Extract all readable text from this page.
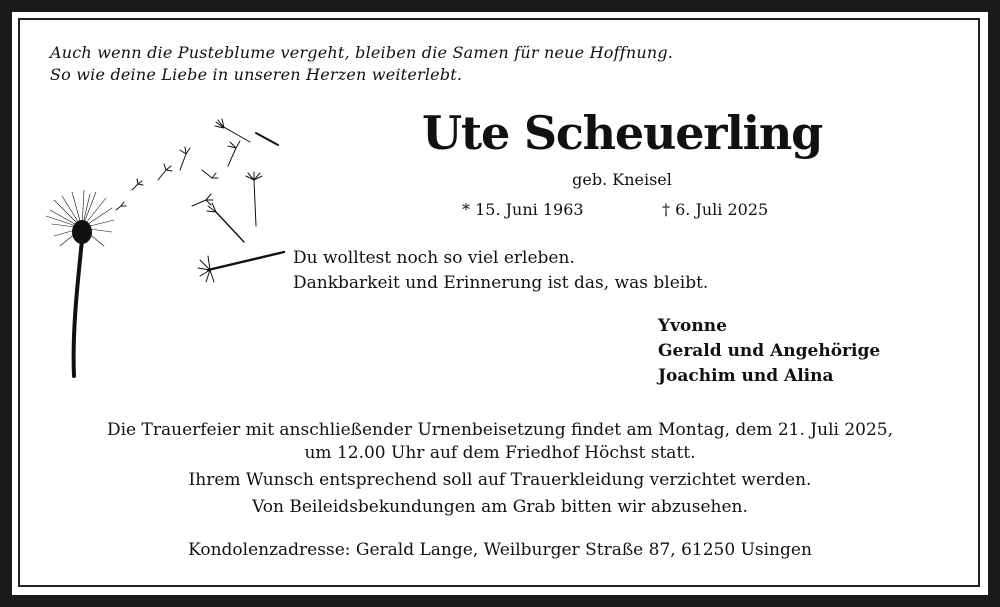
Auch wenn die Pusteblume vergeht, bleiben die Samen für neue Hoffnung.
So wie deine Liebe in unseren Herzen weiterlebt.
Ute Scheuerling
geb. Kneisel
* 15. Juni 1963	† 6. Juli 2025
Du wolltest noch so viel erleben.
Dankbarkeit und Erinnerung ist das, was bleibt.
Yvonne
Gerald und Angehörige
Joachim und Alina
Die Trauerfeier mit anschließender Urnenbeisetzung findet am Montag, dem 21. Juli 2025,
um 12.00 Uhr auf dem Friedhof Höchst statt.
Ihrem Wunsch entsprechend soll auf Trauerkleidung verzichtet werden.
Von Beileidsbekundungen am Grab bitten wir abzusehen.
Kondolenzadresse: Gerald Lange, Weilburger Straße 87, 61250 Usingen
